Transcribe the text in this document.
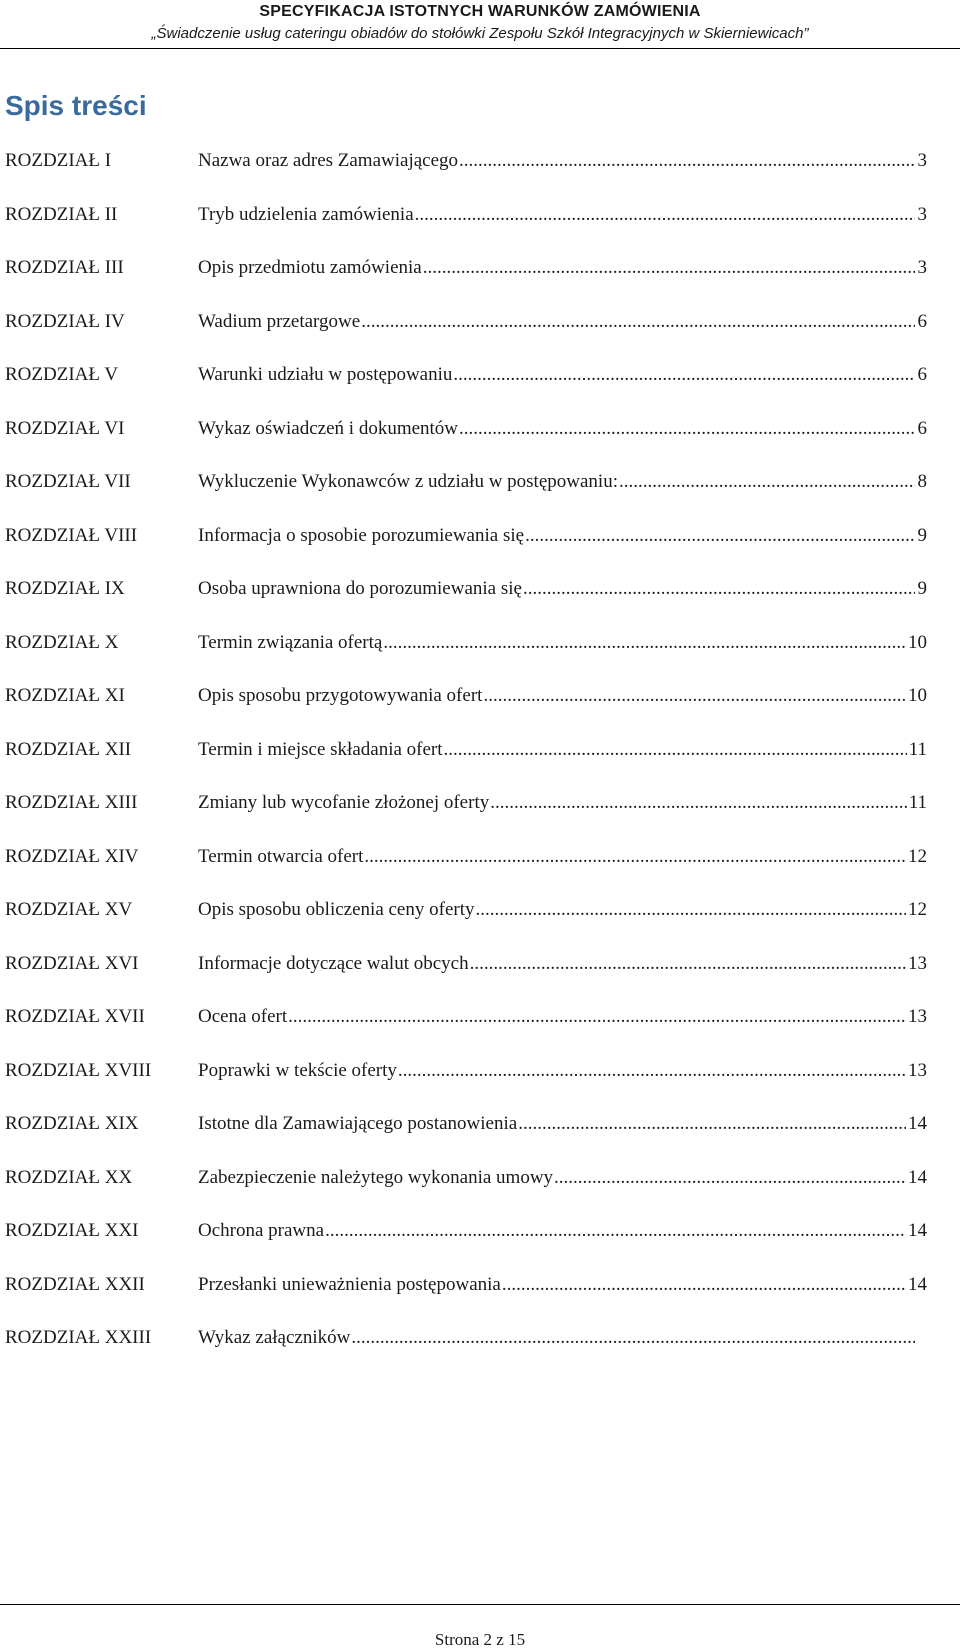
SPECYFIKACJA ISTOTNYCH WARUNKÓW ZAMÓWIENIA
„Świadczenie usług cateringu obiadów do stołówki Zespołu Szkół Integracyjnych w Skierniewicach”
Spis treści
ROZDZIAŁ I	Nazwa oraz adres Zamawiającego .....	3
ROZDZIAŁ II	Tryb udzielenia zamówienia .....	3
ROZDZIAŁ III	Opis przedmiotu zamówienia .....	3
ROZDZIAŁ IV	Wadium przetargowe .....	6
ROZDZIAŁ V	Warunki udziału w postępowaniu .....	6
ROZDZIAŁ VI	Wykaz oświadczeń i dokumentów .....	6
ROZDZIAŁ VII	Wykluczenie Wykonawców z udziału w postępowaniu: .....	8
ROZDZIAŁ VIII	Informacja o sposobie porozumiewania się .....	9
ROZDZIAŁ IX	Osoba uprawniona do porozumiewania się .....	9
ROZDZIAŁ X	Termin związania ofertą .....	10
ROZDZIAŁ XI	Opis sposobu przygotowywania ofert .....	10
ROZDZIAŁ XII	Termin i miejsce składania ofert .....	11
ROZDZIAŁ XIII	Zmiany lub wycofanie złożonej oferty .....	11
ROZDZIAŁ XIV	Termin otwarcia ofert .....	12
ROZDZIAŁ XV	Opis sposobu obliczenia ceny oferty .....	12
ROZDZIAŁ XVI	Informacje dotyczące walut obcych .....	13
ROZDZIAŁ XVII	Ocena ofert .....	13
ROZDZIAŁ XVIII	Poprawki w tekście oferty .....	13
ROZDZIAŁ XIX	Istotne dla Zamawiającego postanowienia .....	14
ROZDZIAŁ XX	Zabezpieczenie należytego wykonania umowy .....	14
ROZDZIAŁ XXI	Ochrona prawna .....	14
ROZDZIAŁ XXII	Przesłanki unieważnienia postępowania .....	14
ROZDZIAŁ XXIII	Wykaz załączników
.....
Strona 2 z 15
